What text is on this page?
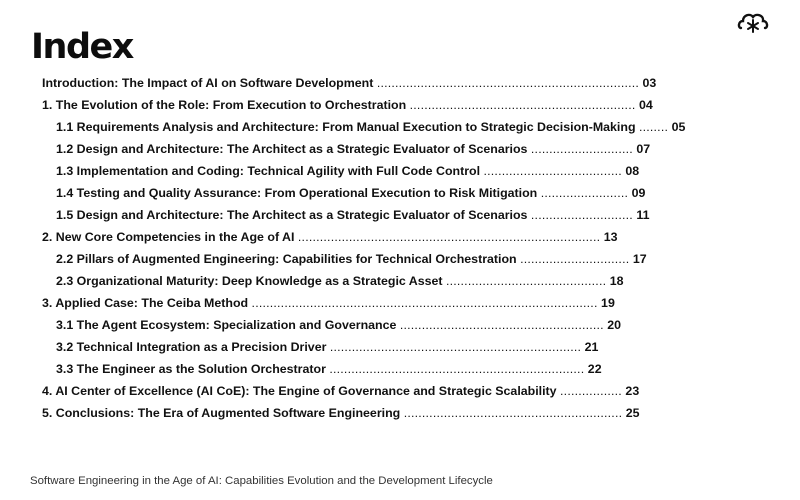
Index
Introduction: The Impact of AI on Software Development ........................................................................ 03
1. The Evolution of the Role: From Execution to Orchestration .............................................................. 04
1.1 Requirements Analysis and Architecture: From Manual Execution to Strategic Decision-Making ........ 05
1.2 Design and Architecture: The Architect as a Strategic Evaluator of Scenarios ............................ 07
1.3 Implementation and Coding: Technical Agility with Full Code Control ...................................... 08
1.4 Testing and Quality Assurance: From Operational Execution to Risk Mitigation ........................ 09
1.5 Design and Architecture: The Architect as a Strategic Evaluator of Scenarios ............................ 11
2. New Core Competencies in the Age of AI ................................................................................... 13
2.2 Pillars of Augmented Engineering: Capabilities for Technical Orchestration .............................. 17
2.3 Organizational Maturity: Deep Knowledge as a Strategic Asset ............................................ 18
3. Applied Case: The Ceiba Method ............................................................................................... 19
3.1 The Agent Ecosystem: Specialization and Governance ........................................................ 20
3.2 Technical Integration as a Precision Driver ..................................................................... 21
3.3 The Engineer as the Solution Orchestrator ...................................................................... 22
4. AI Center of Excellence (AI CoE): The Engine of Governance and Strategic Scalability ................. 23
5. Conclusions: The Era of Augmented Software Engineering ............................................................ 25
Software Engineering in the Age of AI: Capabilities Evolution and the Development Lifecycle
